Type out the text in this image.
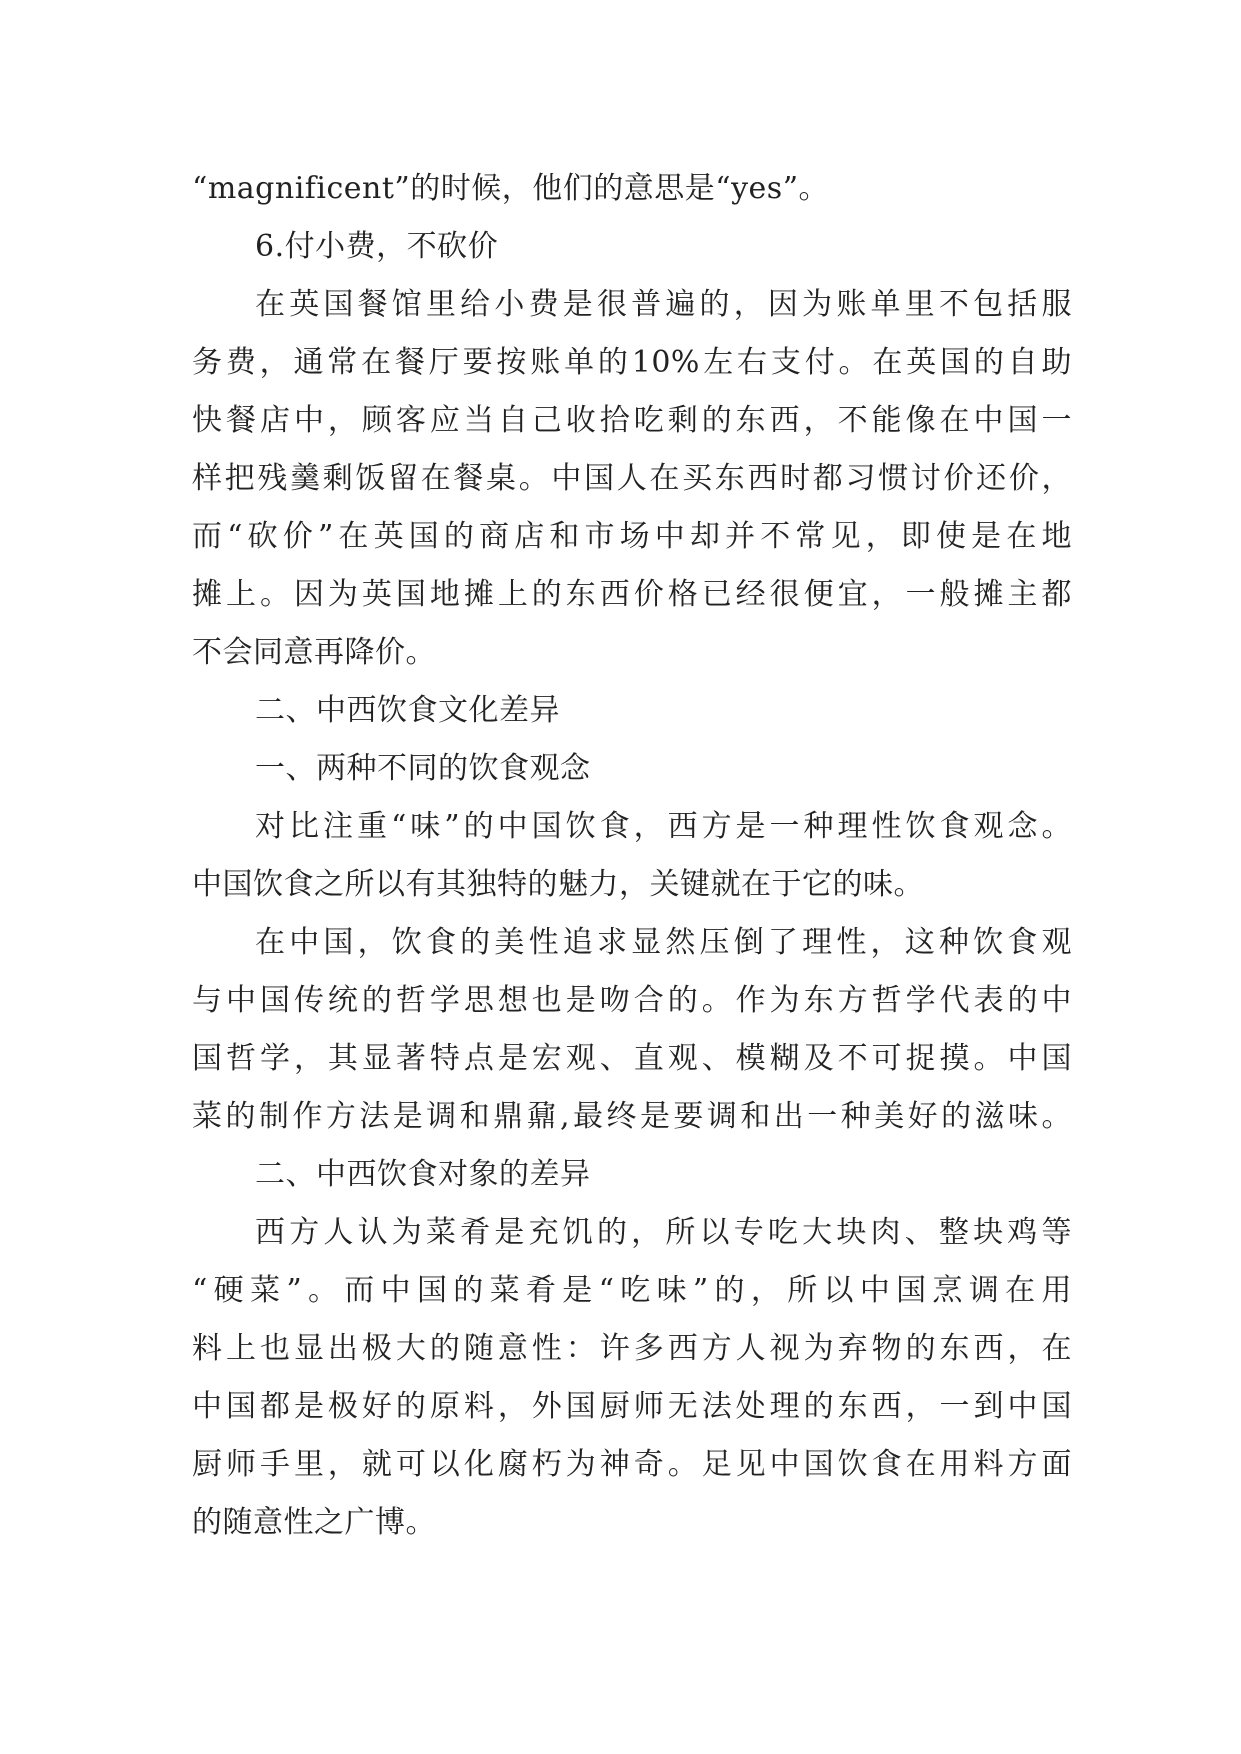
“magnificent”的时候，他们的意思是“yes”。
6.付小费，不砍价
在英国餐馆里给小费是很普遍的，因为账单里不包括服
务费，通常在餐厅要按账单的10%左右支付。在英国的自助
快餐店中，顾客应当自己收拾吃剩的东西，不能像在中国一
样把残羹剩饭留在餐桌。中国人在买东西时都习惯讨价还价，
而“砍价”在英国的商店和市场中却并不常见，即使是在地
摊上。因为英国地摊上的东西价格已经很便宜，一般摊主都
不会同意再降价。
二、中西饮食文化差异
一、两种不同的饮食观念
对比注重“味”的中国饮食，西方是一种理性饮食观念。
中国饮食之所以有其独特的魅力，关键就在于它的味。
在中国，饮食的美性追求显然压倒了理性，这种饮食观
与中国传统的哲学思想也是吻合的。作为东方哲学代表的中
国哲学，其显著特点是宏观、直观、模糊及不可捉摸。中国
菜的制作方法是调和鼎鼐,最终是要调和出一种美好的滋味。
二、中西饮食对象的差异
西方人认为菜肴是充饥的，所以专吃大块肉、整块鸡等
“硬菜”。而中国的菜肴是“吃味”的，所以中国烹调在用
料上也显出极大的随意性：许多西方人视为弃物的东西，在
中国都是极好的原料，外国厨师无法处理的东西，一到中国
厨师手里，就可以化腐朽为神奇。足见中国饮食在用料方面
的随意性之广博。
